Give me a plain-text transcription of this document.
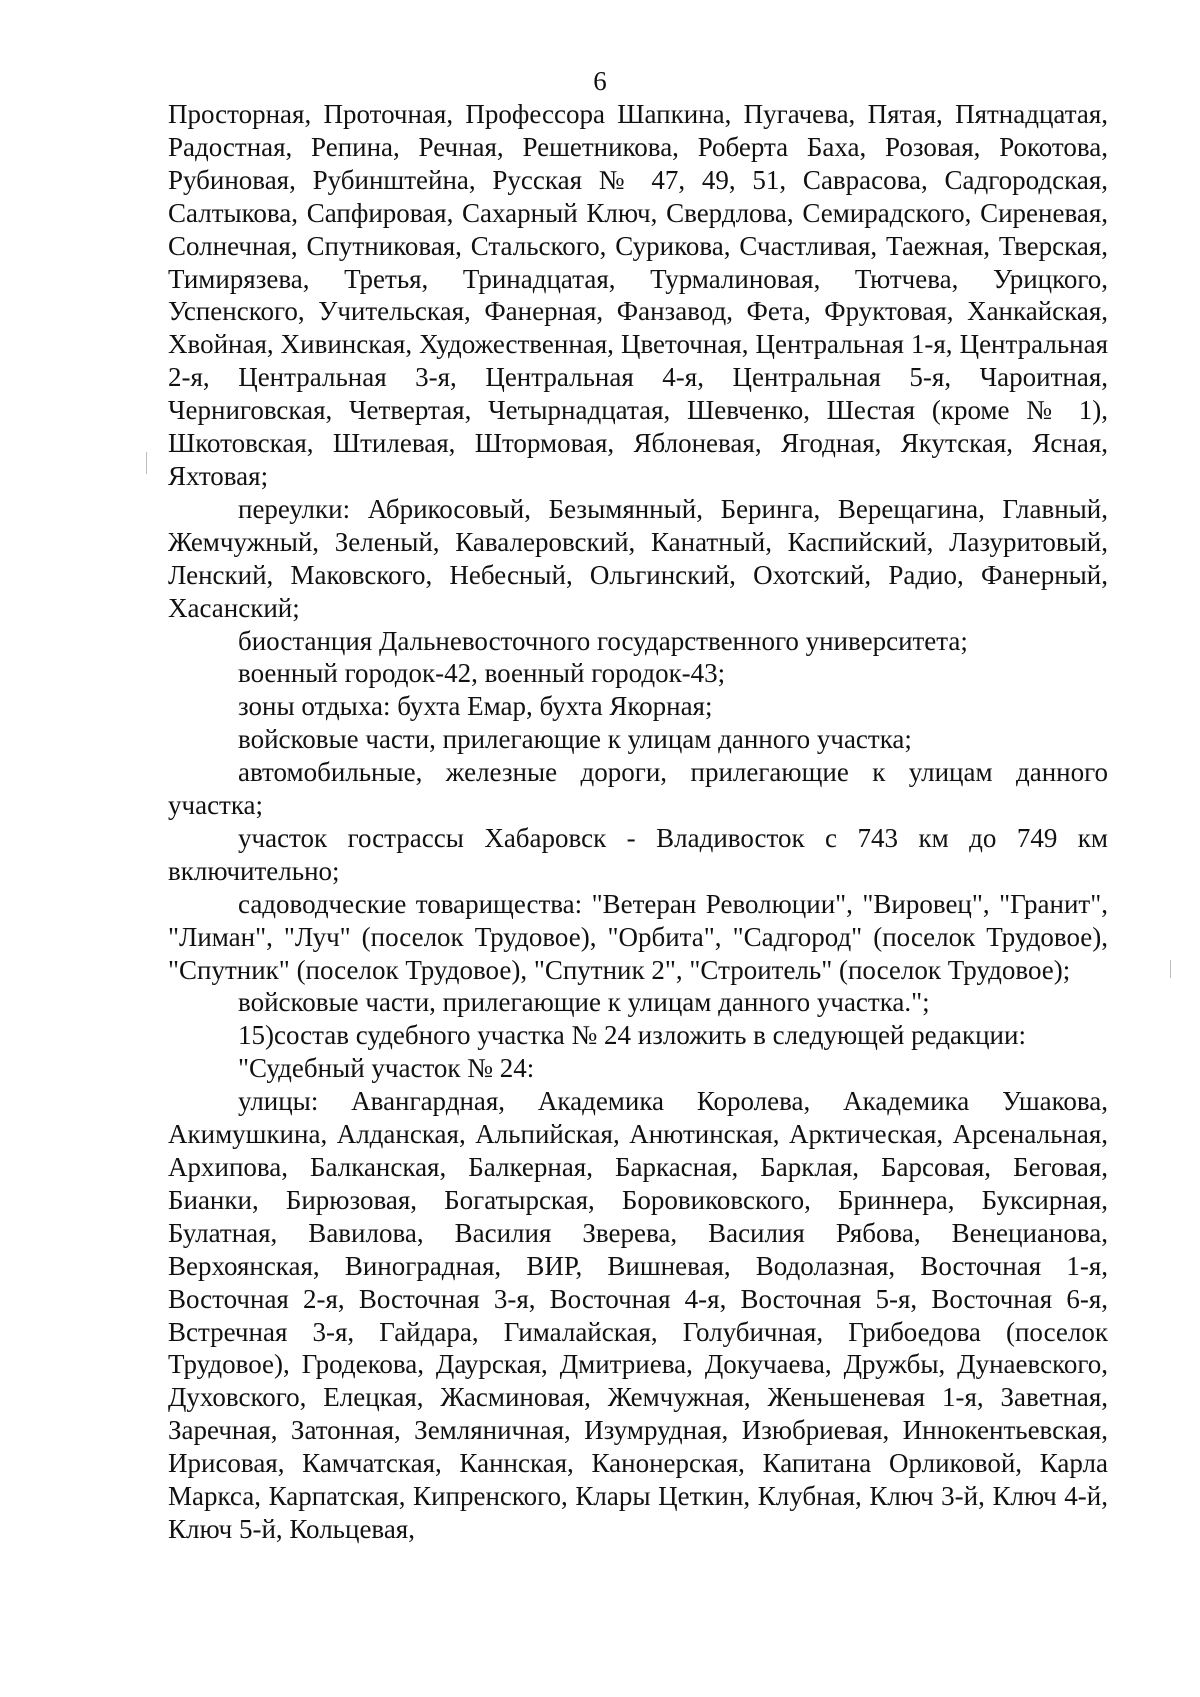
6

Просторная, Проточная, Профессора Шапкина, Пугачева, Пятая, Пятнадцатая, Радостная, Репина, Речная, Решетникова, Роберта Баха, Розовая, Рокотова, Рубиновая, Рубинштейна, Русская № 47, 49, 51, Саврасова, Садгородская, Салтыкова, Сапфировая, Сахарный Ключ, Свердлова, Семирадского, Сиреневая, Солнечная, Спутниковая, Стальского, Сурикова, Счастливая, Таежная, Тверская, Тимирязева, Третья, Тринадцатая, Турмалиновая, Тютчева, Урицкого, Успенского, Учительская, Фанерная, Фанзавод, Фета, Фруктовая, Ханкайская, Хвойная, Хивинская, Художественная, Цветочная, Центральная 1-я, Центральная 2-я, Центральная 3-я, Центральная 4-я, Центральная 5-я, Чароитная, Черниговская, Четвертая, Четырнадцатая, Шевченко, Шестая (кроме № 1), Шкотовская, Штилевая, Штормовая, Яблоневая, Ягодная, Якутская, Ясная, Яхтовая;

переулки: Абрикосовый, Безымянный, Беринга, Верещагина, Главный, Жемчужный, Зеленый, Кавалеровский, Канатный, Каспийский, Лазуритовый, Ленский, Маковского, Небесный, Ольгинский, Охотский, Радио, Фанерный, Хасанский;

биостанция Дальневосточного государственного университета;

военный городок-42, военный городок-43;

зоны отдыха: бухта Емар, бухта Якорная;

войсковые части, прилегающие к улицам данного участка;

автомобильные, железные дороги, прилегающие к улицам данного участка;

участок гострассы Хабаровск - Владивосток с 743 км до 749 км включительно;

садоводческие товарищества: "Ветеран Революции", "Вировец", "Гранит", "Лиман", "Луч" (поселок Трудовое), "Орбита", "Садгород" (поселок Трудовое), "Спутник" (поселок Трудовое), "Спутник 2", "Строитель" (поселок Трудовое);

войсковые части, прилегающие к улицам данного участка.";

15)состав судебного участка № 24 изложить в следующей редакции:

"Судебный участок № 24:

улицы: Авангардная, Академика Королева, Академика Ушакова, Акимушкина, Алданская, Альпийская, Анютинская, Арктическая, Арсенальная, Архипова, Балканская, Балкерная, Баркасная, Барклая, Барсовая, Беговая, Бианки, Бирюзовая, Богатырская, Боровиковского, Бриннера, Буксирная, Булатная, Вавилова, Василия Зверева, Василия Рябова, Венецианова, Верхоянская, Виноградная, ВИР, Вишневая, Водолазная, Восточная 1-я, Восточная 2-я, Восточная 3-я, Восточная 4-я, Восточная 5-я, Восточная 6-я, Встречная 3-я, Гайдара, Гималайская, Голубичная, Грибоедова (поселок Трудовое), Гродекова, Даурская, Дмитриева, Докучаева, Дружбы, Дунаевского, Духовского, Елецкая, Жасминовая, Жемчужная, Женьшеневая 1-я, Заветная, Заречная, Затонная, Земляничная, Изумрудная, Изюбриевая, Иннокентьевская, Ирисовая, Камчатская, Каннская, Канонерская, Капитана Орликовой, Карла Маркса, Карпатская, Кипренского, Клары Цеткин, Клубная, Ключ 3-й, Ключ 4-й, Ключ 5-й, Кольцевая,
